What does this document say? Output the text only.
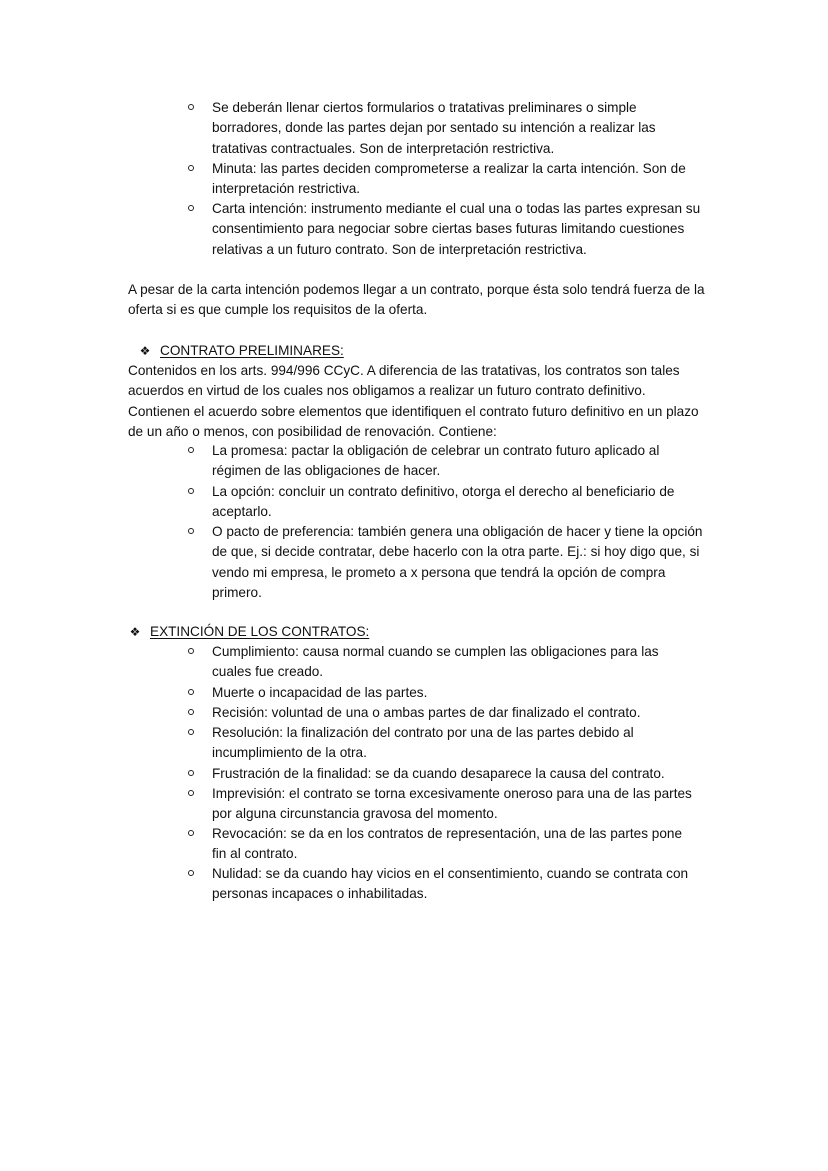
Se deberán llenar ciertos formularios o tratativas preliminares o simple borradores, donde las partes dejan por sentado su intención a realizar las tratativas contractuales. Son de interpretación restrictiva.
Minuta: las partes deciden comprometerse a realizar la carta intención. Son de interpretación restrictiva.
Carta intención: instrumento mediante el cual una o todas las partes expresan su consentimiento para negociar sobre ciertas bases futuras limitando cuestiones relativas a un futuro contrato. Son de interpretación restrictiva.

A pesar de la carta intención podemos llegar a un contrato, porque ésta solo tendrá fuerza de la oferta si es que cumple los requisitos de la oferta.

❖ CONTRATO PRELIMINARES:

Contenidos en los arts. 994/996 CCyC. A diferencia de las tratativas, los contratos son tales acuerdos en virtud de los cuales nos obligamos a realizar un futuro contrato definitivo. Contienen el acuerdo sobre elementos que identifiquen el contrato futuro definitivo en un plazo de un año o menos, con posibilidad de renovación. Contiene:

La promesa: pactar la obligación de celebrar un contrato futuro aplicado al régimen de las obligaciones de hacer.
La opción: concluir un contrato definitivo, otorga el derecho al beneficiario de aceptarlo.
O pacto de preferencia: también genera una obligación de hacer y tiene la opción de que, si decide contratar, debe hacerlo con la otra parte. Ej.: si hoy digo que, si vendo mi empresa, le prometo a x persona que tendrá la opción de compra primero.
❖ EXTINCIÓN DE LOS CONTRATOS:
Cumplimiento: causa normal cuando se cumplen las obligaciones para las cuales fue creado.
Muerte o incapacidad de las partes.
Recisión: voluntad de una o ambas partes de dar finalizado el contrato.
Resolución: la finalización del contrato por una de las partes debido al incumplimiento de la otra.
Frustración de la finalidad: se da cuando desaparece la causa del contrato.
Imprevisión: el contrato se torna excesivamente oneroso para una de las partes por alguna circunstancia gravosa del momento.
Revocación: se da en los contratos de representación, una de las partes pone fin al contrato.
Nulidad: se da cuando hay vicios en el consentimiento, cuando se contrata con personas incapaces o inhabilitadas.
